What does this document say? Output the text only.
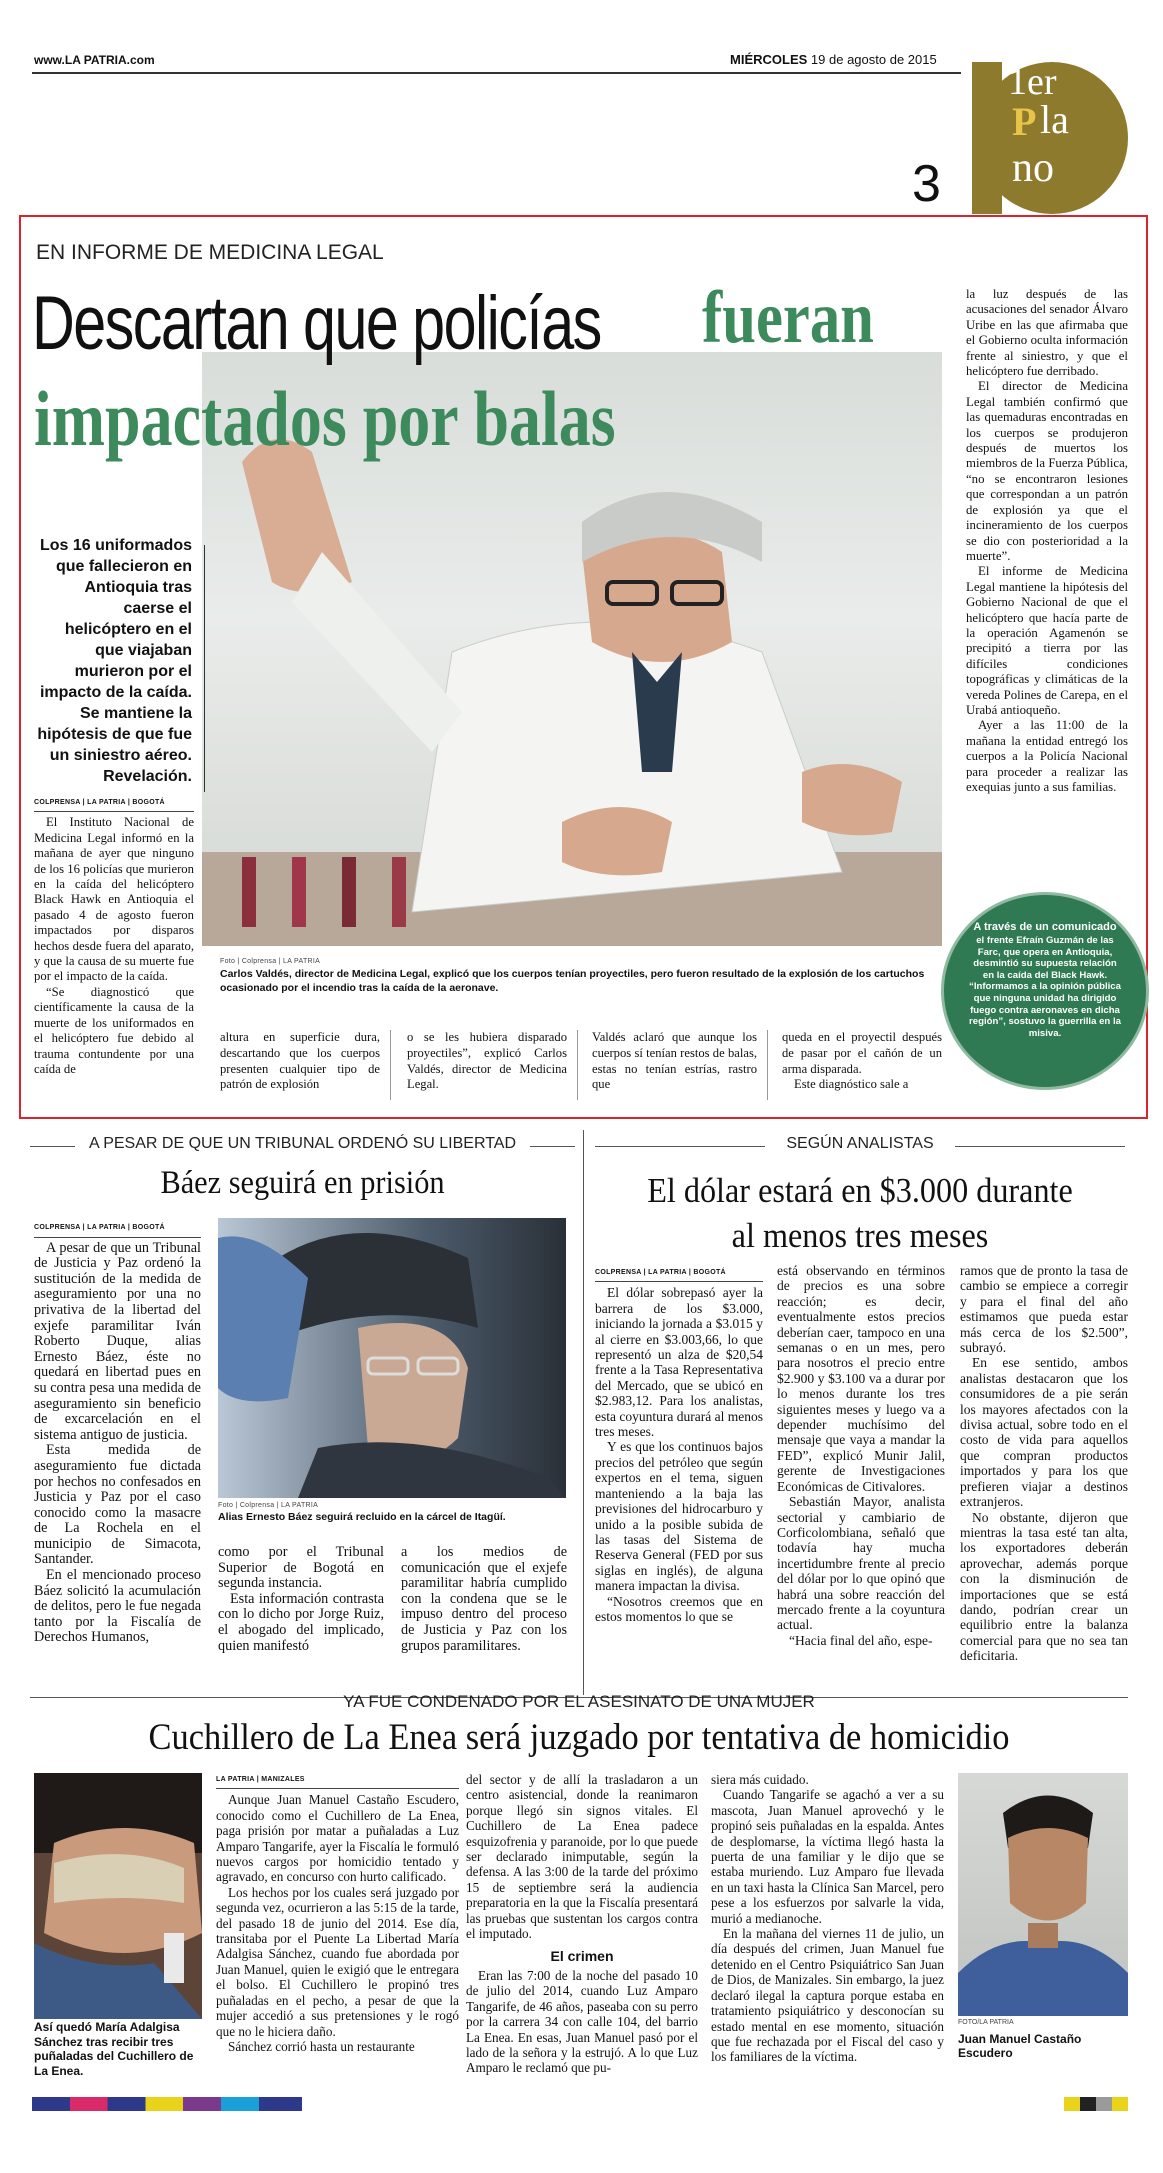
www.LA PATRIA.com	MIÉRCOLES 19 de agosto de 2015
1er
P la
no
3
EN INFORME DE MEDICINA LEGAL
Descartan que policías	fueran
impactados por balas
Los 16 uniformados que fallecieron en Antioquia tras caerse el helicóptero en el que viajaban murieron por el impacto de la caída. Se mantiene la hipótesis de que fue un siniestro aéreo. Revelación.
COLPRENSA | LA PATRIA | BOGOTÁ

El Instituto Nacional de Medicina Legal informó en la mañana de ayer que ninguno de los 16 policías que murieron en la caída del helicóptero Black Hawk en Antioquia el pasado 4 de agosto fueron impactados por disparos hechos desde fuera del aparato, y que la causa de su muerte fue por el impacto de la caída.

“Se diagnosticó que científicamente la causa de la muerte de los uniformados en el helicóptero fue debido al trauma contundente por una caída de

Foto | Colprensa | LA PATRIA
Carlos Valdés, director de Medicina Legal, explicó que los cuerpos tenían proyectiles, pero fueron resultado de la explosión de los cartuchos ocasionado por el incendio tras la caída de la aeronave.
altura en superficie dura, descartando que los cuerpos presenten cualquier tipo de patrón de explosión
o se les hubiera disparado proyectiles”, explicó Carlos Valdés, director de Medicina Legal.
Valdés aclaró que aunque los cuerpos sí tenían restos de balas, estas no tenían estrías, rastro que

queda en el proyectil después de pasar por el cañón de un arma disparada.

Este diagnóstico sale a

la luz después de las acusaciones del senador Álvaro Uribe en las que afirmaba que el Gobierno oculta información frente al siniestro, y que el helicóptero fue derribado.

El director de Medicina Legal también confirmó que las quemaduras encontradas en los cuerpos se produjeron después de muertos los miembros de la Fuerza Pública, “no se encontraron lesiones que correspondan a un patrón de explosión ya que el incineramiento de los cuerpos se dio con posterioridad a la muerte”.

El informe de Medicina Legal mantiene la hipótesis del Gobierno Nacional de que el helicóptero que hacía parte de la operación Agamenón se precipitó a tierra por las difíciles condiciones topográficas y climáticas de la vereda Polines de Carepa, en el Urabá antioqueño.

Ayer a las 11:00 de la mañana la entidad entregó los cuerpos a la Policía Nacional para proceder a realizar las exequias junto a sus familias.

A través de un comunicado
el frente Efraín Guzmán de las Farc, que opera en Antioquia, desmintió su supuesta relación en la caída del Black Hawk. “Informamos a la opinión pública que ninguna unidad ha dirigido fuego contra aeronaves en dicha región”, sostuvo la guerrilla en la misiva.
A PESAR DE QUE UN TRIBUNAL ORDENÓ SU LIBERTAD
Báez seguirá en prisión
COLPRENSA | LA PATRIA | BOGOTÁ

A pesar de que un Tribunal de Justicia y Paz ordenó la sustitución de la medida de aseguramiento por una no privativa de la libertad del exjefe paramilitar Iván Roberto Duque, alias Ernesto Báez, éste no quedará en libertad pues en su contra pesa una medida de aseguramiento sin beneficio de excarcelación en el sistema antiguo de justicia.

Esta medida de aseguramiento fue dictada por hechos no confesados en Justicia y Paz por el caso conocido como la masacre de La Rochela en el municipio de Simacota, Santander.

En el mencionado proceso Báez solicitó la acumulación de delitos, pero le fue negada tanto por la Fiscalía de Derechos Humanos,

Foto | Colprensa | LA PATRIA
Alias Ernesto Báez seguirá recluido en la cárcel de Itagüí.

como por el Tribunal Superior de Bogotá en segunda instancia.

Esta información contrasta con lo dicho por Jorge Ruiz, el abogado del implicado, quien manifestó

a los medios de comunicación que el exjefe paramilitar habría cumplido con la condena que se le impuso dentro del proceso de Justicia y Paz con los grupos paramilitares.
SEGÚN ANALISTAS
El dólar estará en $3.000 durante
al menos tres meses
COLPRENSA | LA PATRIA | BOGOTÁ

El dólar sobrepasó ayer la barrera de los $3.000, iniciando la jornada a $3.015 y al cierre en $3.003,66, lo que representó un alza de $20,54 frente a la Tasa Representativa del Mercado, que se ubicó en $2.983,12. Para los analistas, esta coyuntura durará al menos tres meses.

Y es que los continuos bajos precios del petróleo que según expertos en el tema, siguen manteniendo a la baja las previsiones del hidrocarburo y unido a la posible subida de las tasas del Sistema de Reserva General (FED por sus siglas en inglés), de alguna manera impactan la divisa.

“Nosotros creemos que en estos momentos lo que se

está observando en términos de precios es una sobre reacción; es decir, eventualmente estos precios deberían caer, tampoco en una semanas o en un mes, pero para nosotros el precio entre $2.900 y $3.100 va a durar por lo menos durante los tres siguientes meses y luego va a depender muchísimo del mensaje que vaya a mandar la FED”, explicó Munir Jalil, gerente de Investigaciones Económicas de Citivalores.

Sebastián Mayor, analista sectorial y cambiario de Corficolombiana, señaló que todavía hay mucha incertidumbre frente al precio del dólar por lo que opinó que habrá una sobre reacción del mercado frente a la coyuntura actual.

“Hacia final del año, espe-

ramos que de pronto la tasa de cambio se empiece a corregir y para el final del año estimamos que pueda estar más cerca de los $2.500”, subrayó.

En ese sentido, ambos analistas destacaron que los consumidores de a pie serán los mayores afectados con la divisa actual, sobre todo en el costo de vida para aquellos que compran productos importados y para los que prefieren viajar a destinos extranjeros.

No obstante, dijeron que mientras la tasa esté tan alta, los exportadores deberán aprovechar, además porque con la disminución de importaciones que se está dando, podrían crear un equilibrio entre la balanza comercial para que no sea tan deficitaria.

YA FUE CONDENADO POR EL ASESINATO DE UNA MUJER
Cuchillero de La Enea será juzgado por tentativa de homicidio
Así quedó María Adalgisa Sánchez tras recibir tres puñaladas del Cuchillero de La Enea.
LA PATRIA | MANIZALES

Aunque Juan Manuel Castaño Escudero, conocido como el Cuchillero de La Enea, paga prisión por matar a puñaladas a Luz Amparo Tangarife, ayer la Fiscalía le formuló nuevos cargos por homicidio tentado y agravado, en concurso con hurto calificado.

Los hechos por los cuales será juzgado por segunda vez, ocurrieron a las 5:15 de la tarde, del pasado 18 de junio del 2014. Ese día, transitaba por el Puente La Libertad María Adalgisa Sánchez, cuando fue abordada por Juan Manuel, quien le exigió que le entregara el bolso. El Cuchillero le propinó tres puñaladas en el pecho, a pesar de que la mujer accedió a sus pretensiones y le rogó que no le hiciera daño.

Sánchez corrió hasta un restaurante

del sector y de allí la trasladaron a un centro asistencial, donde la reanimaron porque llegó sin signos vitales. El Cuchillero de La Enea padece esquizofrenia y paranoide, por lo que puede ser declarado inimputable, según la defensa. A las 3:00 de la tarde del próximo 15 de septiembre será la audiencia preparatoria en la que la Fiscalía presentará las pruebas que sustentan los cargos contra el imputado.

El crimen

Eran las 7:00 de la noche del pasado 10 de julio del 2014, cuando Luz Amparo Tangarife, de 46 años, paseaba con su perro por la carrera 34 con calle 104, del barrio La Enea. En esas, Juan Manuel pasó por el lado de la señora y la estrujó. A lo que Luz Amparo le reclamó que pu-

siera más cuidado.

Cuando Tangarife se agachó a ver a su mascota, Juan Manuel aprovechó y le propinó seis puñaladas en la espalda. Antes de desplomarse, la víctima llegó hasta la puerta de una familiar y le dijo que se estaba muriendo. Luz Amparo fue llevada en un taxi hasta la Clínica San Marcel, pero pese a los esfuerzos por salvarle la vida, murió a medianoche.

En la mañana del viernes 11 de julio, un día después del crimen, Juan Manuel fue detenido en el Centro Psiquiátrico San Juan de Dios, de Manizales. Sin embargo, la juez declaró ilegal la captura porque estaba en tratamiento psiquiátrico y desconocían su estado mental en ese momento, situación que fue rechazada por el Fiscal del caso y los familiares de la víctima.

FOTO/LA PATRIA
Juan Manuel Castaño Escudero
